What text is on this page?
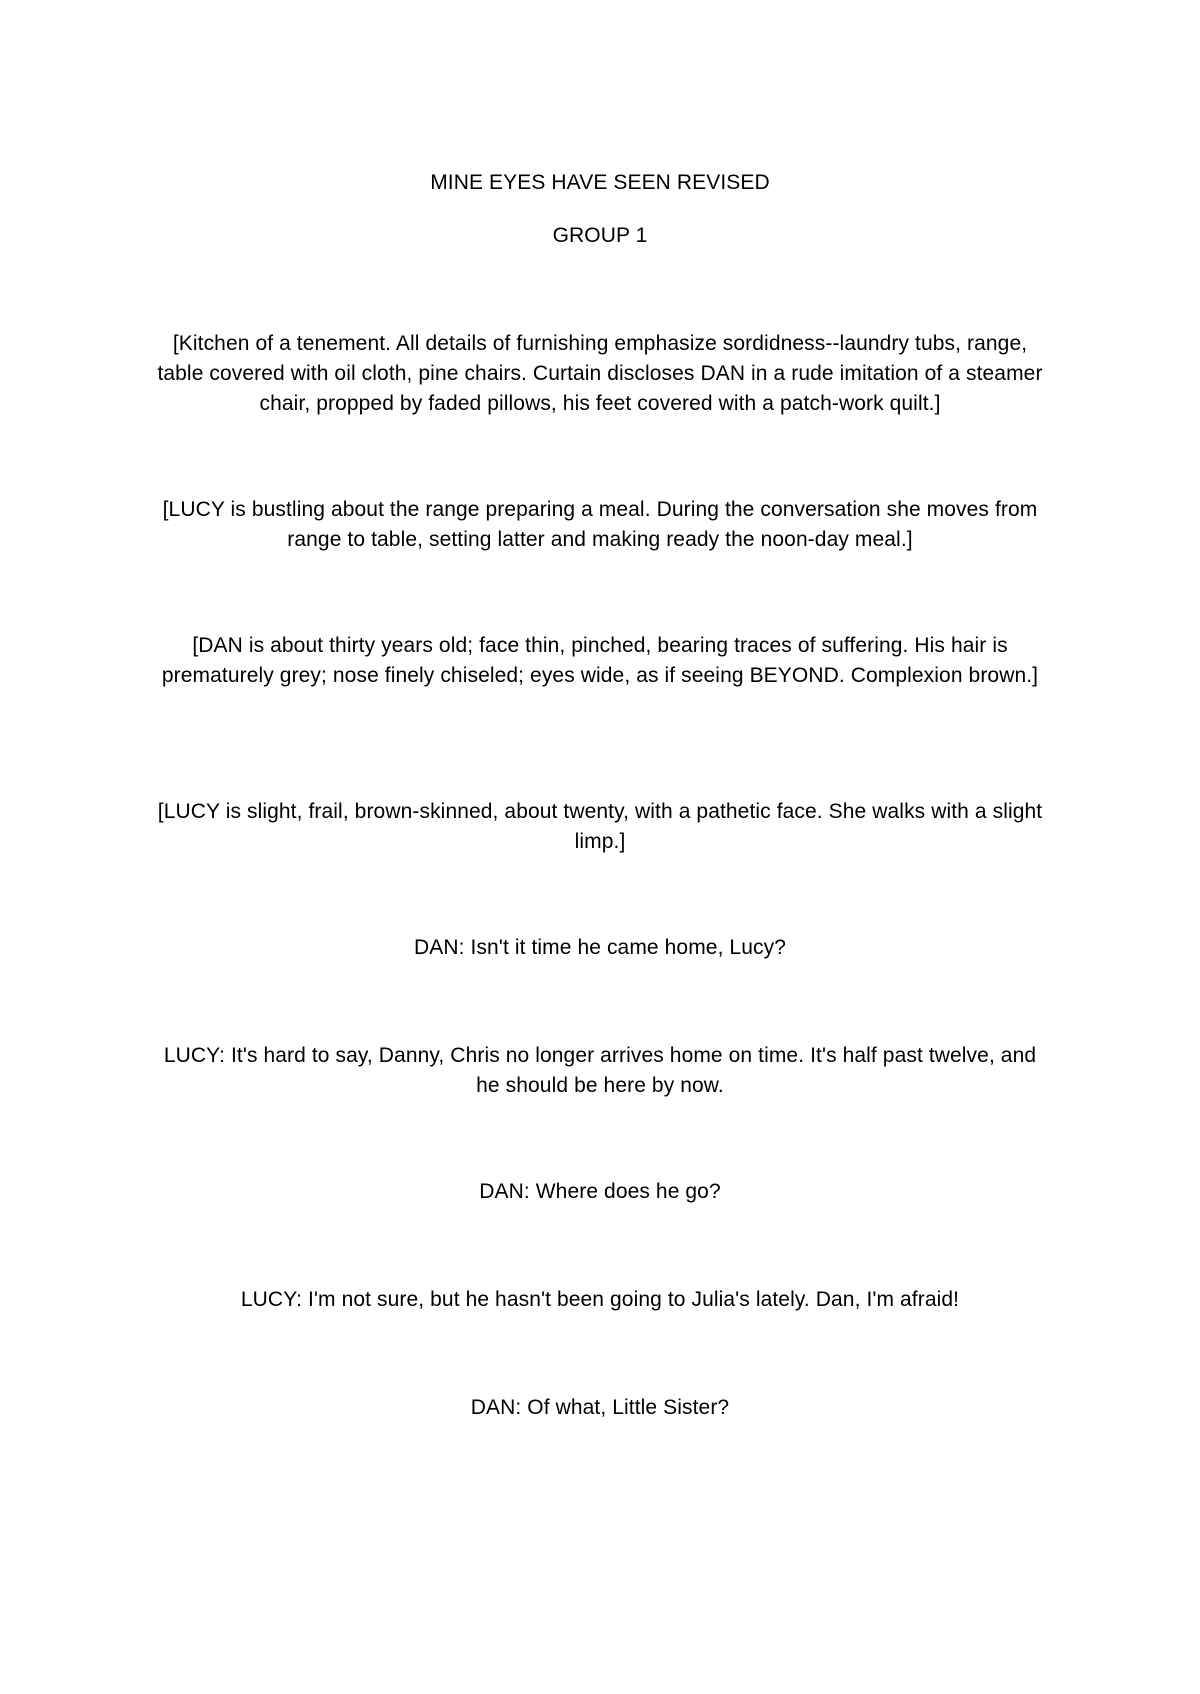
MINE EYES HAVE SEEN REVISED

GROUP 1

[Kitchen of a tenement. All details of furnishing emphasize sordidness--laundry tubs, range, table covered with oil cloth, pine chairs. Curtain discloses DAN in a rude imitation of a steamer chair, propped by faded pillows, his feet covered with a patch-work quilt.]

[LUCY is bustling about the range preparing a meal. During the conversation she moves from range to table, setting latter and making ready the noon-day meal.]

[DAN is about thirty years old; face thin, pinched, bearing traces of suffering. His hair is prematurely grey; nose finely chiseled; eyes wide, as if seeing BEYOND. Complexion brown.]

[LUCY is slight, frail, brown-skinned, about twenty, with a pathetic face. She walks with a slight limp.]

DAN: Isn't it time he came home, Lucy?

LUCY: It's hard to say, Danny, Chris no longer arrives home on time. It's half past twelve, and he should be here by now.

DAN: Where does he go?

LUCY: I'm not sure, but he hasn't been going to Julia's lately. Dan, I'm afraid!

DAN: Of what, Little Sister?
